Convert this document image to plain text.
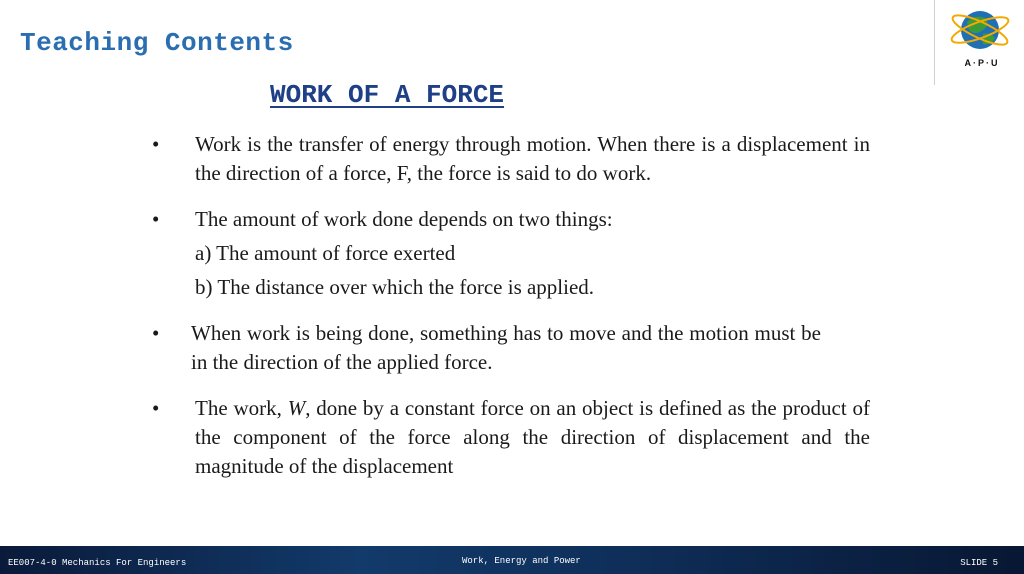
Teaching Contents
A·P·U
WORK OF A FORCE
• Work is the transfer of energy through motion. When there is a displacement in the direction of a force, F, the force is said to do work.
• The amount of work done depends on two things:
a) The amount of force exerted
b) The distance over which the force is applied.
• When work is being done, something has to move and the motion must be in the direction of the applied force.
• The work, W, done by a constant force on an object is defined as the product of the component of the force along the direction of displacement and the magnitude of the displacement
EE007-4-0 Mechanics For Engineers	Work, Energy and Power	SLIDE 5
